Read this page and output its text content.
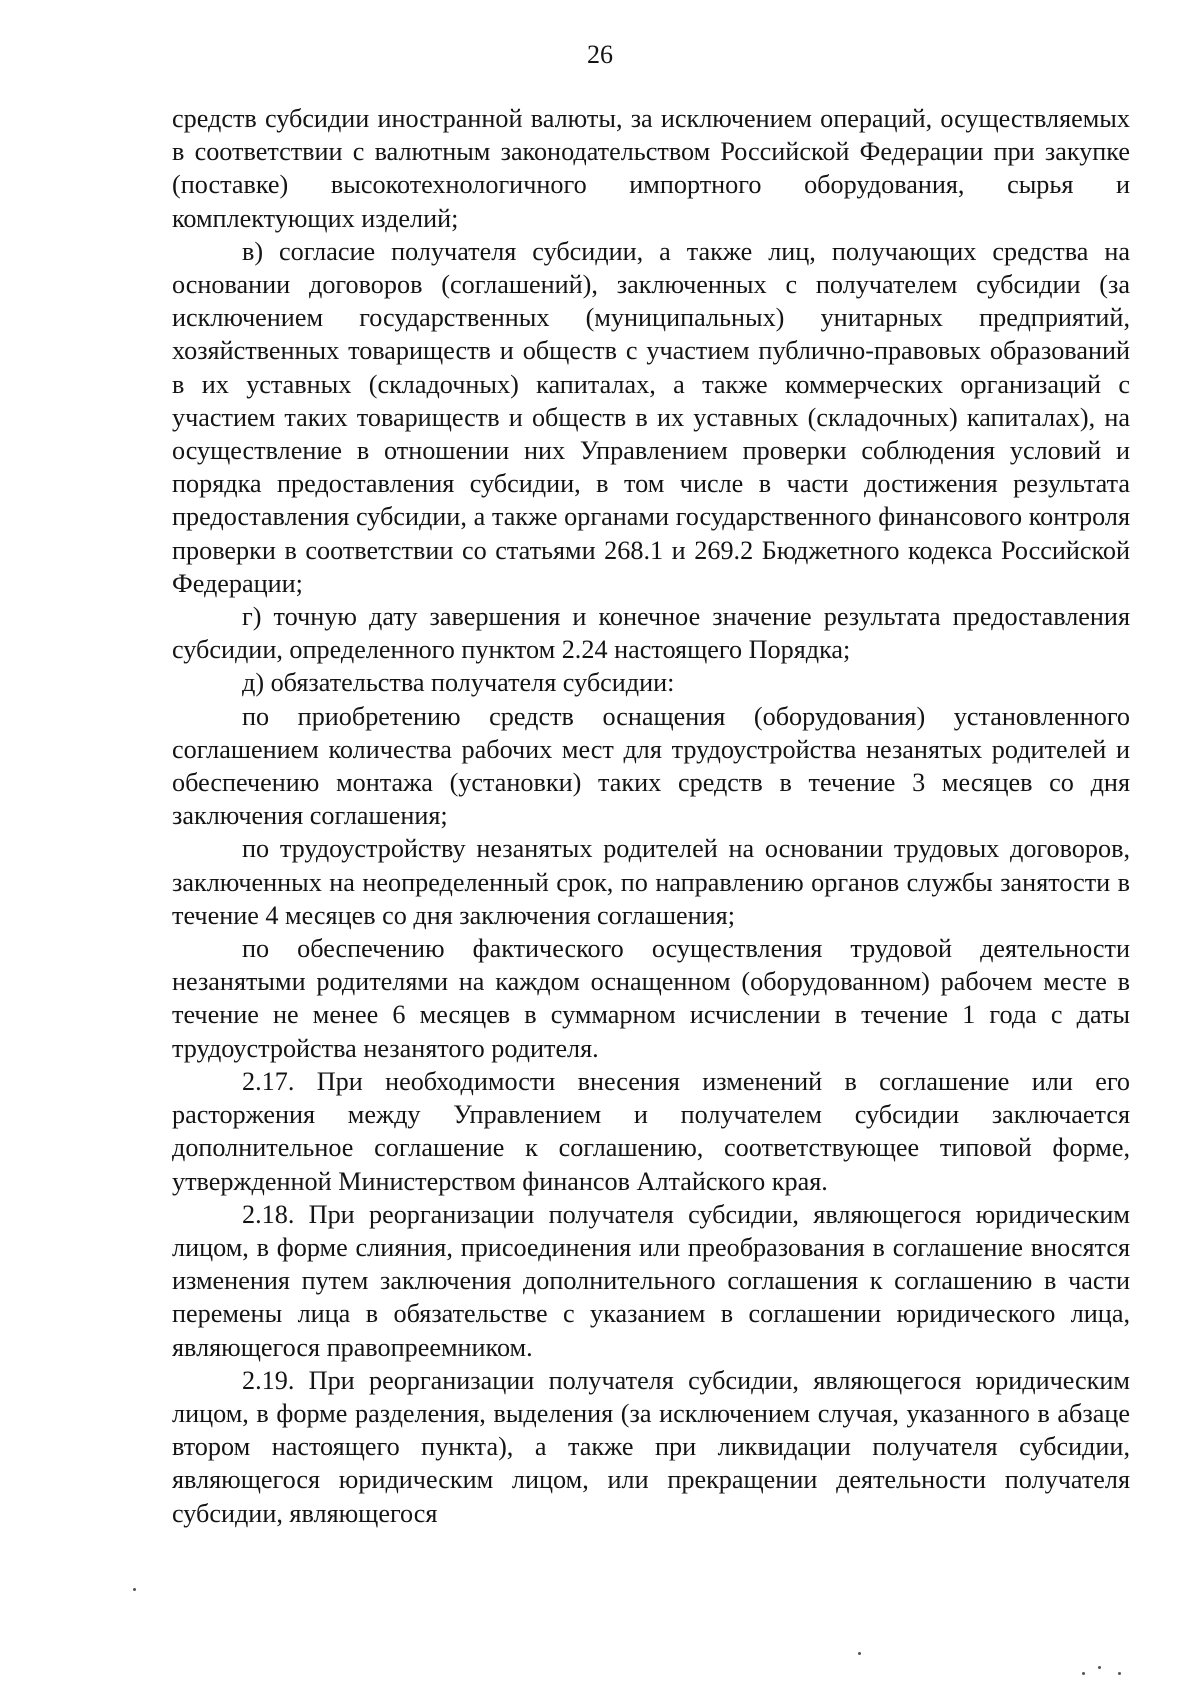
26

средств субсидии иностранной валюты, за исключением операций, осуществляемых в соответствии с валютным законодательством Российской Федерации при закупке (поставке) высокотехнологичного импортного оборудования, сырья и комплектующих изделий;

в) согласие получателя субсидии, а также лиц, получающих средства на основании договоров (соглашений), заключенных с получателем субсидии (за исключением государственных (муниципальных) унитарных предприятий, хозяйственных товариществ и обществ с участием публично-правовых образований в их уставных (складочных) капиталах, а также коммерческих организаций с участием таких товариществ и обществ в их уставных (складочных) капиталах), на осуществление в отношении них Управлением проверки соблюдения условий и порядка предоставления субсидии, в том числе в части достижения результата предоставления субсидии, а также органами государственного финансового контроля проверки в соответствии со статьями 268.1 и 269.2 Бюджетного кодекса Российской Федерации;

г) точную дату завершения и конечное значение результата предоставления субсидии, определенного пунктом 2.24 настоящего Порядка;

д) обязательства получателя субсидии:

по приобретению средств оснащения (оборудования) установленного соглашением количества рабочих мест для трудоустройства незанятых родителей и обеспечению монтажа (установки) таких средств в течение 3 месяцев со дня заключения соглашения;

по трудоустройству незанятых родителей на основании трудовых договоров, заключенных на неопределенный срок, по направлению органов службы занятости в течение 4 месяцев со дня заключения соглашения;

по обеспечению фактического осуществления трудовой деятельности незанятыми родителями на каждом оснащенном (оборудованном) рабочем месте в течение не менее 6 месяцев в суммарном исчислении в течение 1 года с даты трудоустройства незанятого родителя.

2.17. При необходимости внесения изменений в соглашение или его расторжения между Управлением и получателем субсидии заключается дополнительное соглашение к соглашению, соответствующее типовой форме, утвержденной Министерством финансов Алтайского края.

2.18. При реорганизации получателя субсидии, являющегося юридическим лицом, в форме слияния, присоединения или преобразования в соглашение вносятся изменения путем заключения дополнительного соглашения к соглашению в части перемены лица в обязательстве с указанием в соглашении юридического лица, являющегося правопреемником.

2.19. При реорганизации получателя субсидии, являющегося юридическим лицом, в форме разделения, выделения (за исключением случая, указанного в абзаце втором настоящего пункта), а также при ликвидации получателя субсидии, являющегося юридическим лицом, или прекращении деятельности получателя субсидии, являющегося
